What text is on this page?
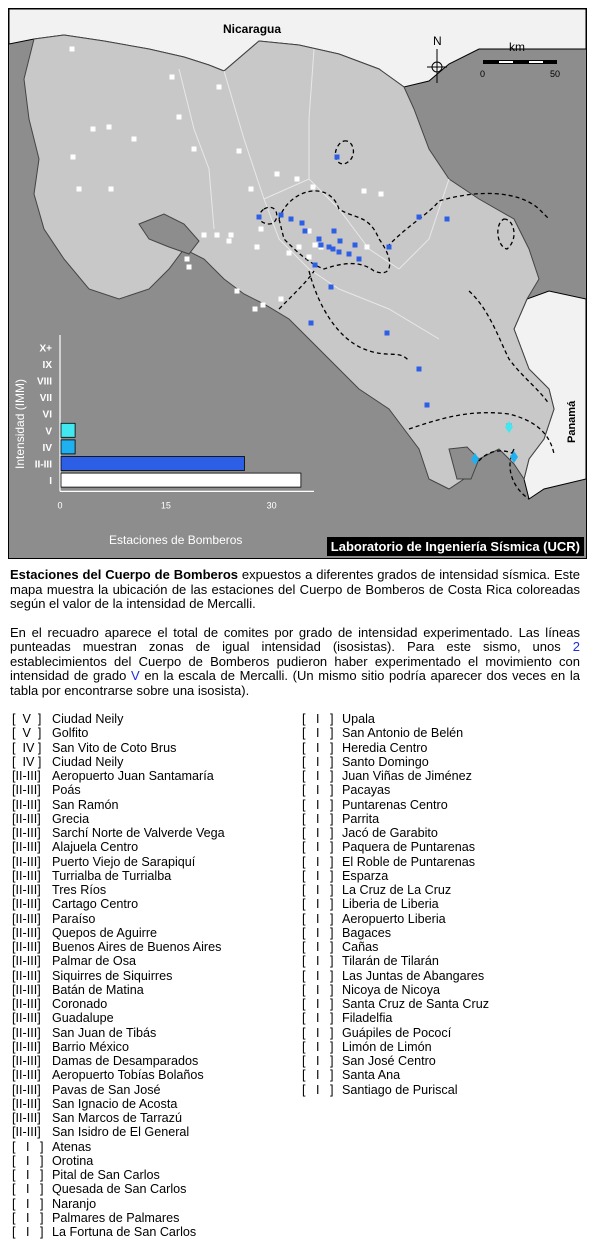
Nicaragua
Panamá
N	km
0	50
X+
IX
VIII
VII
VI
V
IV
II-III
I
0	15	30
Intensidad (IMM)
Estaciones de Bomberos	Laboratorio de Ingeniería Sísmica (UCR)

Estaciones del Cuerpo de Bomberos expuestos a diferentes grados de intensidad sísmica. Este mapa muestra la ubicación de las estaciones del Cuerpo de Bomberos de Costa Rica coloreadas según el valor de la intensidad de Mercalli.

En el recuadro aparece el total de comites por grado de intensidad experimentado. Las líneas punteadas muestran zonas de igual intensidad (isosistas). Para este sismo, unos 2 establecimientos del Cuerpo de Bomberos pudieron haber experimentado el movimiento con intensidad de grado V en la escala de Mercalli. (Un mismo sitio podría aparecer dos veces en la tabla por encontrarse sobre una isosista).

[  V  ] Ciudad Neily
[  V  ] Golfito
[  IV ] San Vito de Coto Brus
[  IV ] Ciudad Neily
[II-III] Aeropuerto Juan Santamaría
[II-III] Poás
[II-III] San Ramón
[II-III] Grecia
[II-III] Sarchí Norte de Valverde Vega
[II-III] Alajuela Centro
[II-III] Puerto Viejo de Sarapiquí
[II-III] Turrialba de Turrialba
[II-III] Tres Ríos
[II-III] Cartago Centro
[II-III] Paraíso
[II-III] Quepos de Aguirre
[II-III] Buenos Aires de Buenos Aires
[II-III] Palmar de Osa
[II-III] Siquirres de Siquirres
[II-III] Batán de Matina
[II-III] Coronado
[II-III] Guadalupe
[II-III] San Juan de Tibás
[II-III] Barrio México
[II-III] Damas de Desamparados
[II-III] Aeropuerto Tobías Bolaños
[II-III] Pavas de San José
[II-III] San Ignacio de Acosta
[II-III] San Marcos de Tarrazú
[II-III] San Isidro de El General
[   I   ] Atenas
[   I   ] Orotina
[   I   ] Pital de San Carlos
[   I   ] Quesada de San Carlos
[   I   ] Naranjo
[   I   ] Palmares de Palmares
[   I   ] La Fortuna de San Carlos
[   I   ] Upala
[   I   ] San Antonio de Belén
[   I   ] Heredia Centro
[   I   ] Santo Domingo
[   I   ] Juan Viñas de Jiménez
[   I   ] Pacayas
[   I   ] Puntarenas Centro
[   I   ] Parrita
[   I   ] Jacó de Garabito
[   I   ] Paquera de Puntarenas
[   I   ] El Roble de Puntarenas
[   I   ] Esparza
[   I   ] La Cruz de La Cruz
[   I   ] Liberia de Liberia
[   I   ] Aeropuerto Liberia
[   I   ] Bagaces
[   I   ] Cañas
[   I   ] Tilarán de Tilarán
[   I   ] Las Juntas de Abangares
[   I   ] Nicoya de Nicoya
[   I   ] Santa Cruz de Santa Cruz
[   I   ] Filadelfia
[   I   ] Guápiles de Pococí
[   I   ] Limón de Limón
[   I   ] San José Centro
[   I   ] Santa Ana
[   I   ] Santiago de Puriscal
